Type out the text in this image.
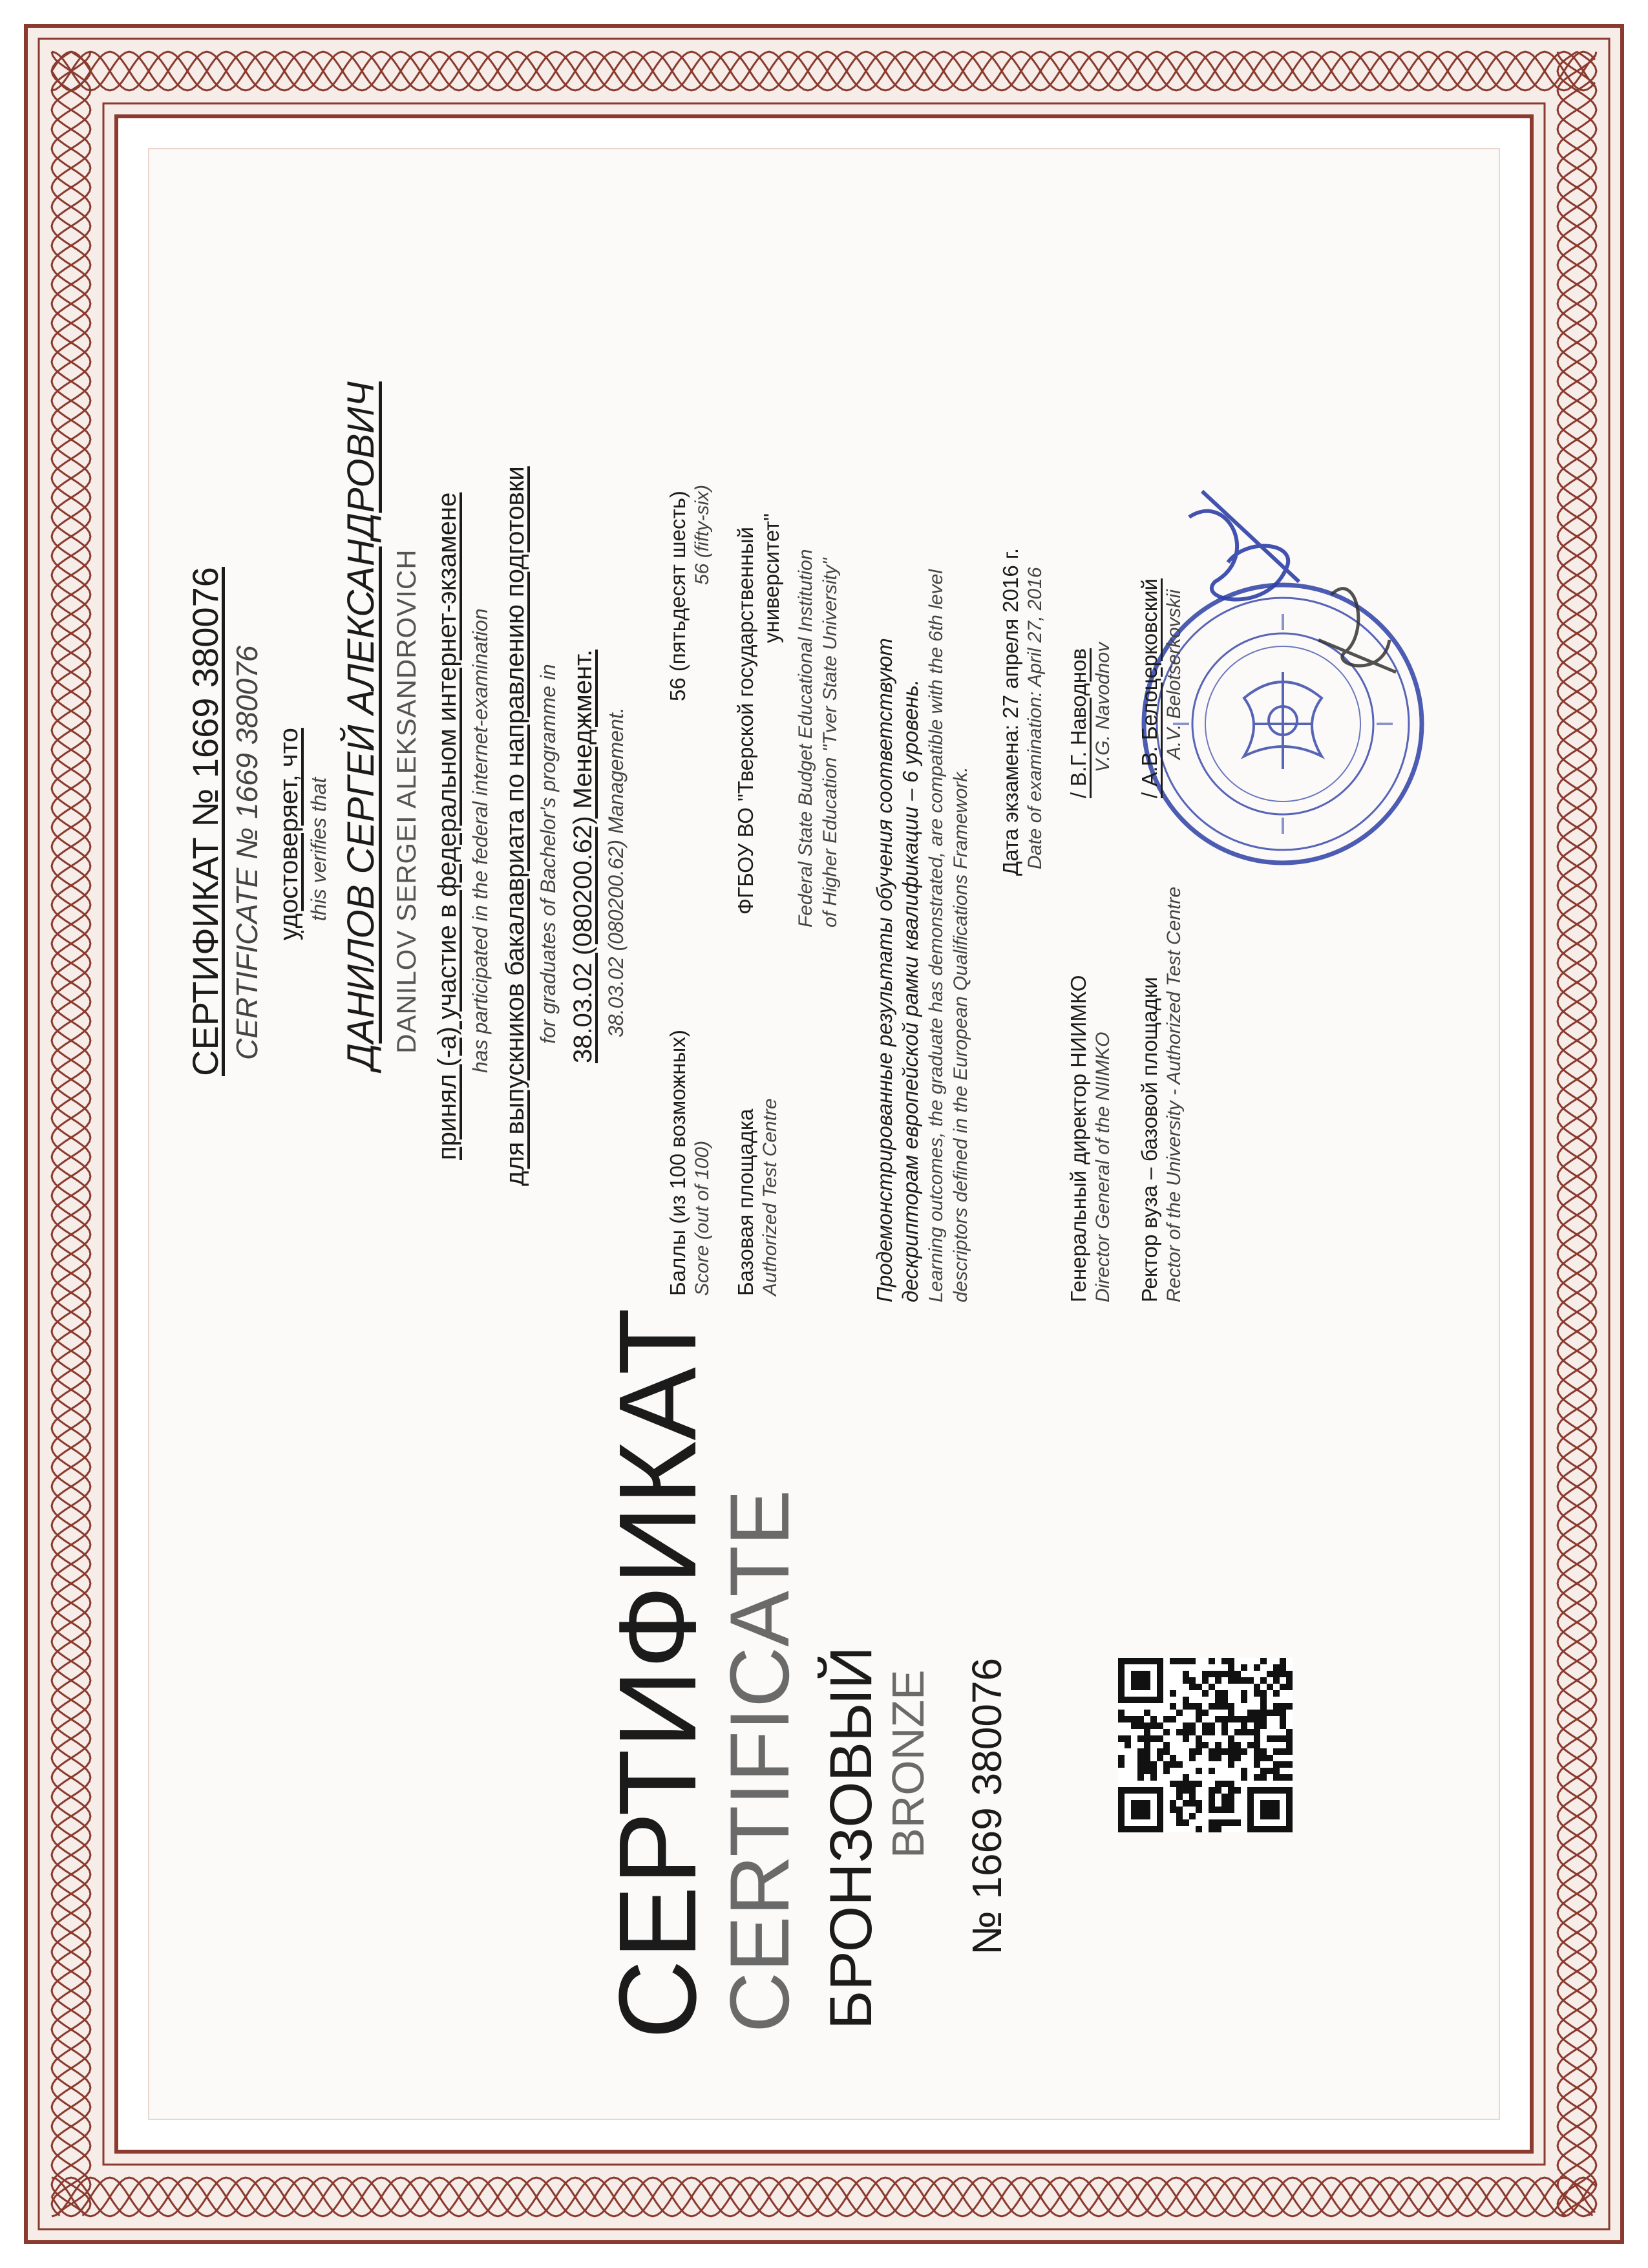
СЕРТИФИКАТ
CERTIFICATE БРОНЗОВЫЙ
BRONZE № 1669 380076
СЕРТИФИКАТ № 1669 380076 CERTIFICATE № 1669 380076 удостоверяет, что this verifies that ДАНИЛОВ СЕРГЕЙ АЛЕКСАНДРОВИЧ DANILOV SERGEI ALEKSANDROVICH принял (-а) участие в федеральном интернет-экзамене has participated in the federal internet-examination для выпускников бакалавриата по направлению подготовки for graduates of Bachelor's programme in 38.03.02 (080200.62) Менеджмент. 38.03.02 (080200.62) Management.
Баллы (из 100 возможных) Score (out of 100)
56 (пятьдесят шесть) 56 (fifty-six)
Базовая площадка Authorized Test Centre
ФГБОУ ВО "Тверской государственный университет" Federal State Budget Educational Institution of Higher Education "Tver State University" Продемонстрированные результаты обучения соответствуют дескрипторам европейской рамки квалификации – 6 уровень. Learning outcomes, the graduate has demonstrated, are compatible with the 6th level descriptors defined in the European Qualifications Framework.
Дата экзамена: 27 апреля 2016 г. Date of examination: April 27, 2016
Генеральный директор НИИМКО Director General of the NIIMKO
/ В.Г. Наводнов V.G. Navodnov
Ректор вуза – базовой площадки Rector of the University - Authorized Test Centre
/ А.В. Белоцерковский A.V. Belotserkovskii
